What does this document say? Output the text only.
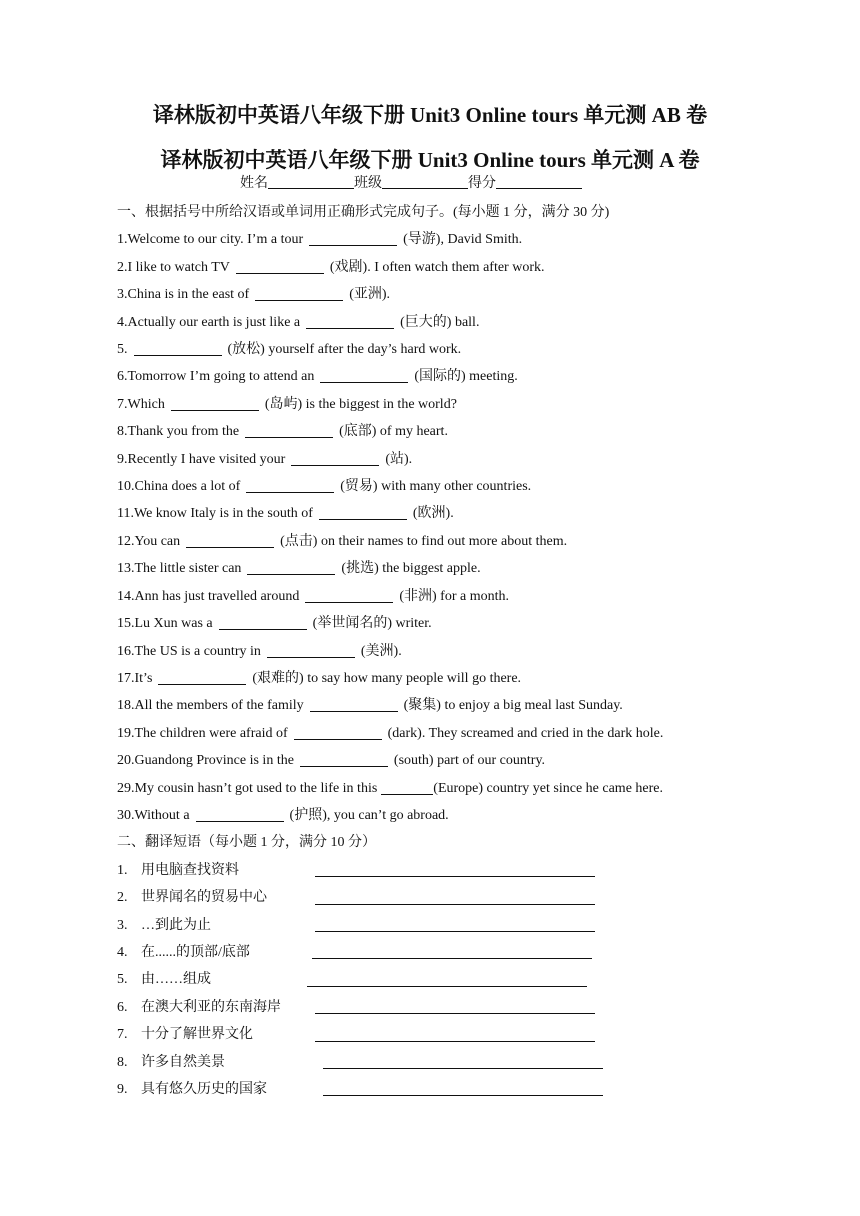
译林版初中英语八年级下册 Unit3 Online tours 单元测 AB 卷
译林版初中英语八年级下册 Unit3 Online tours 单元测 A 卷
姓名	班级	得分
一、根据括号中所给汉语或单词用正确形式完成句子。(每小题 1 分，满分 30 分)
1.Welcome to our city. I’m a tour	(导游), David Smith.
2.I like to watch TV	(戏剧). I often watch them after work.
3.China is in the east of	(亚洲).
4.Actually our earth is just like a	(巨大的) ball.
5.	(放松) yourself after the day’s hard work.
6.Tomorrow I’m going to attend an	(国际的) meeting.
7.Which	(岛屿) is the biggest in the world?
8.Thank you from the	(底部) of my heart.
9.Recently I have visited your	(站).
10.China does a lot of	(贸易) with many other countries.
11.We know Italy is in the south of	(欧洲).
12.You can	(点击) on their names to find out more about them.
13.The little sister can	(挑选) the biggest apple.
14.Ann has just travelled around	(非洲) for a month.
15.Lu Xun was a	(举世闻名的) writer.
16.The US is a country in	(美洲).
17.It’s	(艰难的) to say how many people will go there.
18.All the members of the family	(聚集) to enjoy a big meal last Sunday.
19.The children were afraid of	(dark). They screamed and cried in the dark hole.
20.Guandong Province is in the	(south) part of our country.
29.My cousin hasn’t got used to the life in this	(Europe) country yet since he came here.
30.Without a	(护照), you can’t go abroad.
二、翻译短语（每小题 1 分，满分 10 分）
1. 用电脑查找资料
2. 世界闻名的贸易中心
3. …到此为止
4. 在......的顶部/底部
5. 由……组成
6. 在澳大利亚的东南海岸
7. 十分了解世界文化
8. 许多自然美景
9. 具有悠久历史的国家
